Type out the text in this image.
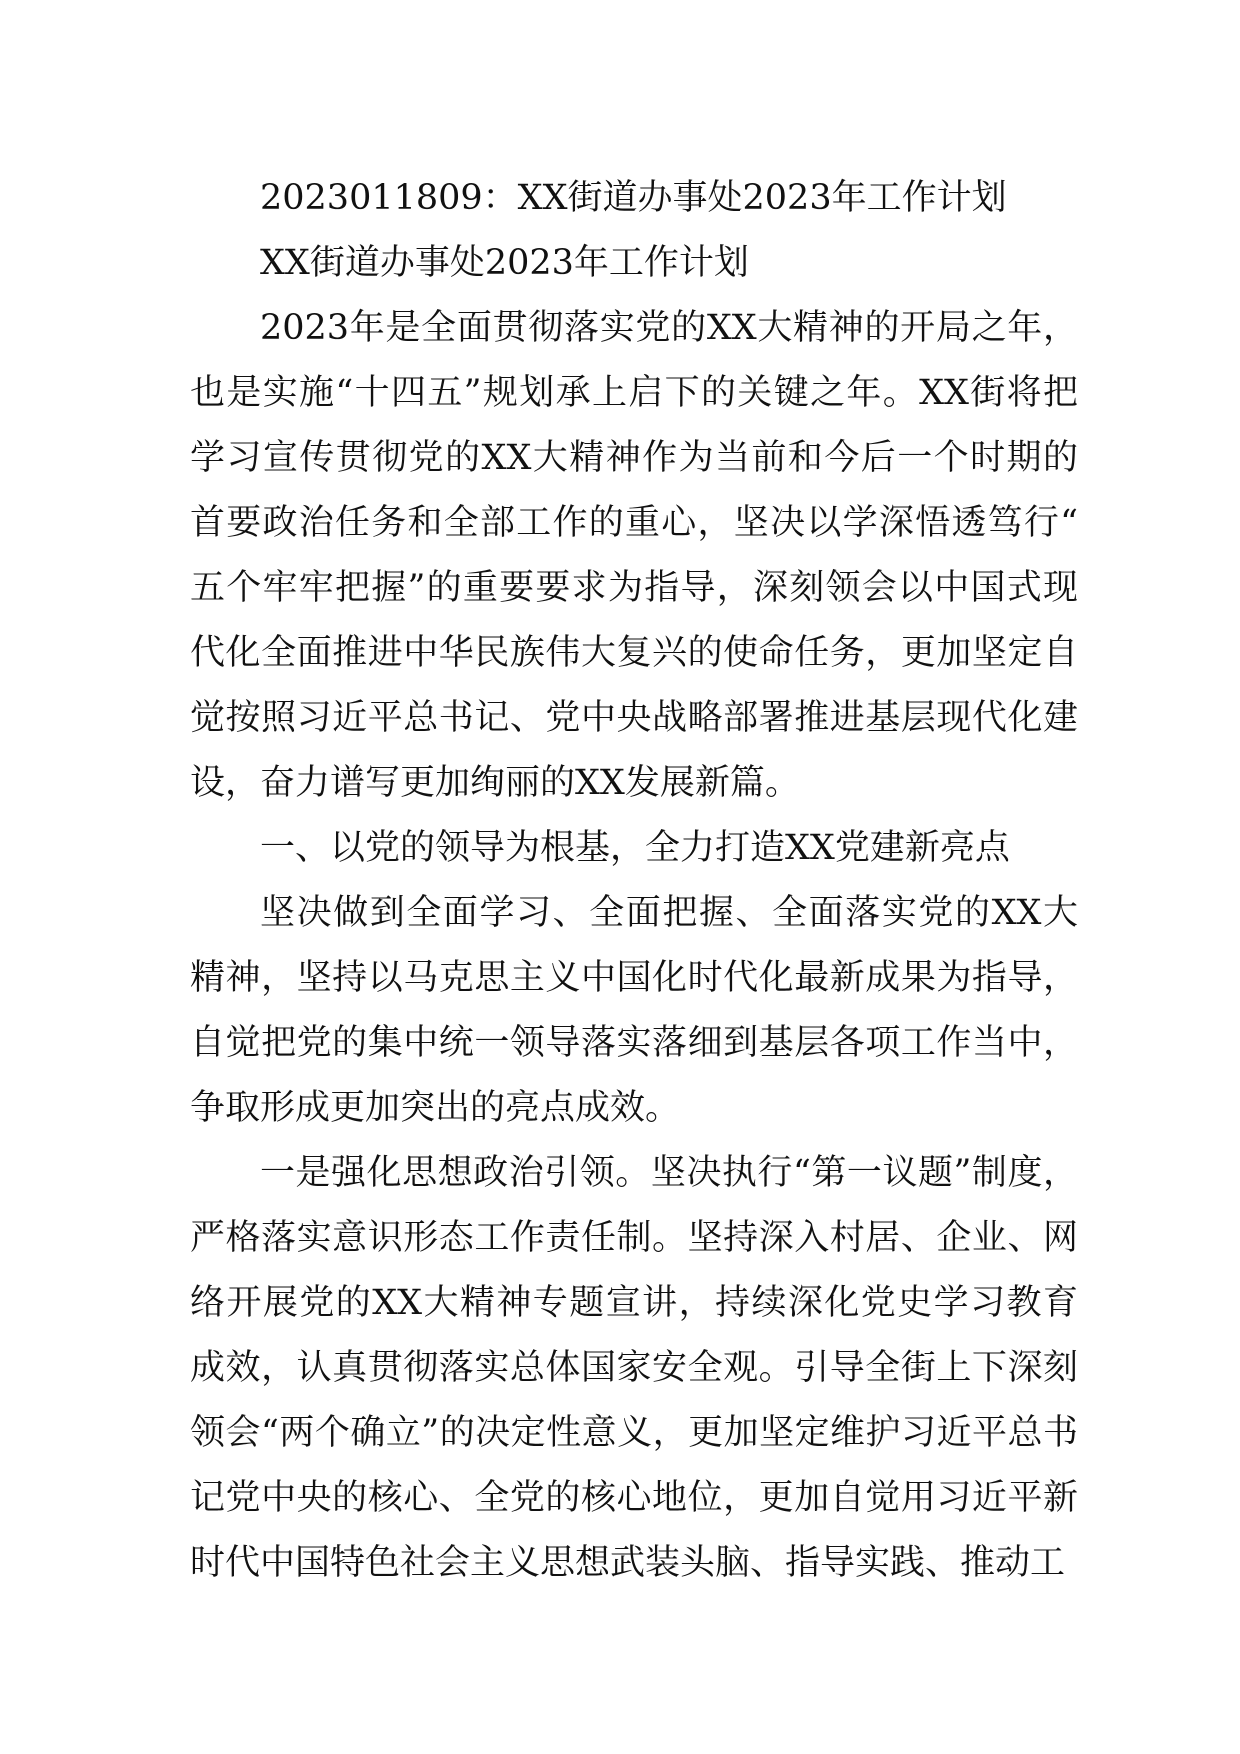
2023011809：XX街道办事处2023年工作计划

XX街道办事处2023年工作计划

2023年是全面贯彻落实党的XX大精神的开局之年，也是实施“十四五”规划承上启下的关键之年。XX街将把学习宣传贯彻党的XX大精神作为当前和今后一个时期的首要政治任务和全部工作的重心，坚决以学深悟透笃行“五个牢牢把握”的重要要求为指导，深刻领会以中国式现代化全面推进中华民族伟大复兴的使命任务，更加坚定自觉按照习近平总书记、党中央战略部署推进基层现代化建设，奋力谱写更加绚丽的XX发展新篇。

一、以党的领导为根基，全力打造XX党建新亮点

坚决做到全面学习、全面把握、全面落实党的XX大精神，坚持以马克思主义中国化时代化最新成果为指导，自觉把党的集中统一领导落实落细到基层各项工作当中，争取形成更加突出的亮点成效。

一是强化思想政治引领。坚决执行“第一议题”制度，严格落实意识形态工作责任制。坚持深入村居、企业、网络开展党的XX大精神专题宣讲，持续深化党史学习教育成效，认真贯彻落实总体国家安全观。引导全街上下深刻领会“两个确立”的决定性意义，更加坚定维护习近平总书记党中央的核心、全党的核心地位，更加自觉用习近平新时代中国特色社会主义思想武装头脑、指导实践、推动工
